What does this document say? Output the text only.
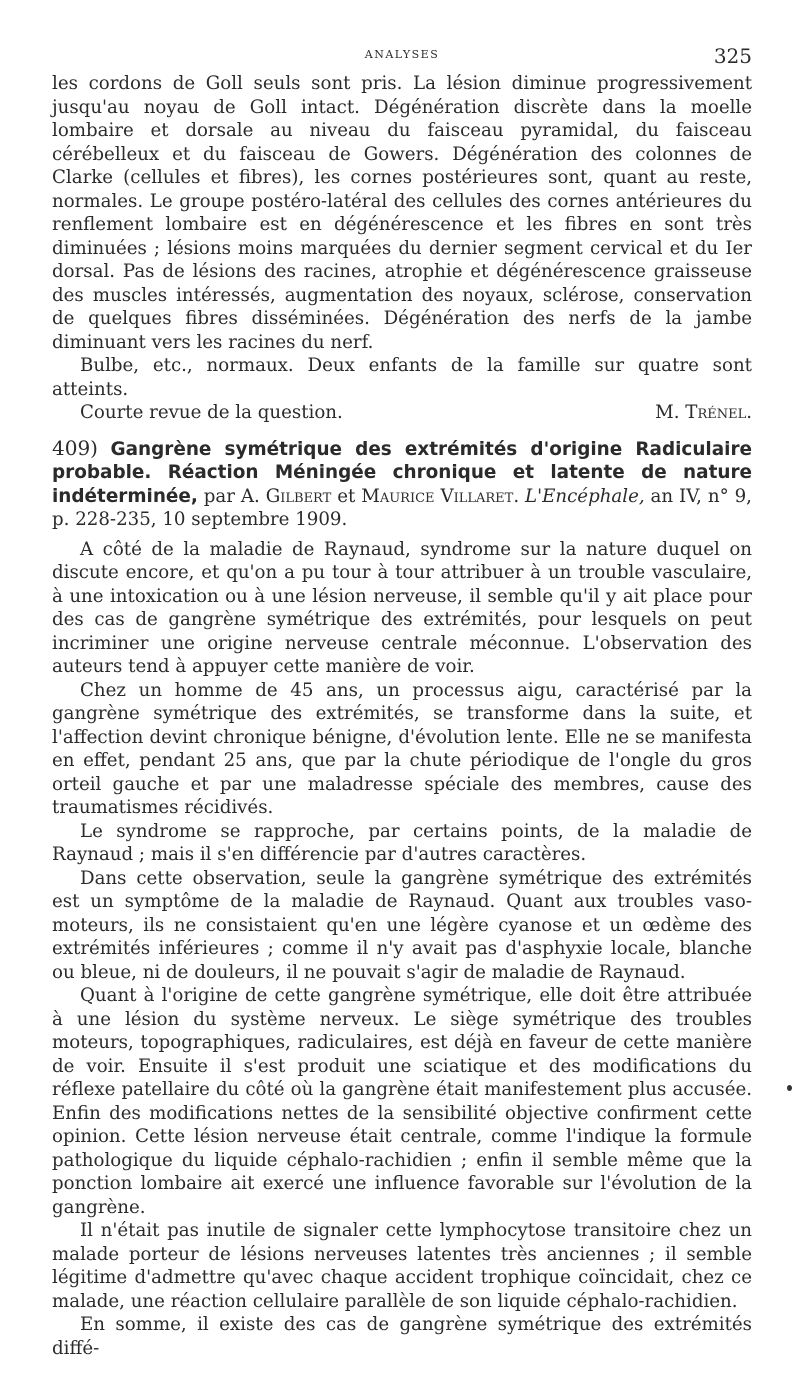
ANALYSES	325

les cordons de Goll seuls sont pris. La lésion diminue progressivement jusqu'au noyau de Goll intact. Dégénération discrète dans la moelle lombaire et dorsale au niveau du faisceau pyramidal, du faisceau cérébelleux et du faisceau de Gowers. Dégénération des colonnes de Clarke (cellules et fibres), les cornes postérieures sont, quant au reste, normales. Le groupe postéro-latéral des cellules des cornes antérieures du renflement lombaire est en dégénérescence et les fibres en sont très diminuées ; lésions moins marquées du dernier segment cervical et du Ier dorsal. Pas de lésions des racines, atrophie et dégénérescence graisseuse des muscles intéressés, augmentation des noyaux, sclérose, conservation de quelques fibres disséminées. Dégénération des nerfs de la jambe diminuant vers les racines du nerf.

Bulbe, etc., normaux. Deux enfants de la famille sur quatre sont atteints.

Courte revue de la question.	M. Trénel.

409) Gangrène symétrique des extrémités d'origine Radiculaire probable. Réaction Méningée chronique et latente de nature indéterminée, par A. Gilbert et Maurice Villaret. L'Encéphale, an IV, n° 9, p. 228-235, 10 septembre 1909.

A côté de la maladie de Raynaud, syndrome sur la nature duquel on discute encore, et qu'on a pu tour à tour attribuer à un trouble vasculaire, à une intoxication ou à une lésion nerveuse, il semble qu'il y ait place pour des cas de gangrène symétrique des extrémités, pour lesquels on peut incriminer une origine nerveuse centrale méconnue. L'observation des auteurs tend à appuyer cette manière de voir.

Chez un homme de 45 ans, un processus aigu, caractérisé par la gangrène symétrique des extrémités, se transforme dans la suite, et l'affection devint chronique bénigne, d'évolution lente. Elle ne se manifesta en effet, pendant 25 ans, que par la chute périodique de l'ongle du gros orteil gauche et par une maladresse spéciale des membres, cause des traumatismes récidivés.

Le syndrome se rapproche, par certains points, de la maladie de Raynaud ; mais il s'en différencie par d'autres caractères.

Dans cette observation, seule la gangrène symétrique des extrémités est un symptôme de la maladie de Raynaud. Quant aux troubles vaso-moteurs, ils ne consistaient qu'en une légère cyanose et un œdème des extrémités inférieures ; comme il n'y avait pas d'asphyxie locale, blanche ou bleue, ni de douleurs, il ne pouvait s'agir de maladie de Raynaud.

Quant à l'origine de cette gangrène symétrique, elle doit être attribuée à une lésion du système nerveux. Le siège symétrique des troubles moteurs, topographiques, radiculaires, est déjà en faveur de cette manière de voir. Ensuite il s'est produit une sciatique et des modifications du réflexe patellaire du côté où la gangrène était manifestement plus accusée. Enfin des modifications nettes de la sensibilité objective confirment cette opinion. Cette lésion nerveuse était centrale, comme l'indique la formule pathologique du liquide céphalo-rachidien ; enfin il semble même que la ponction lombaire ait exercé une influence favorable sur l'évolution de la gangrène.

Il n'était pas inutile de signaler cette lymphocytose transitoire chez un malade porteur de lésions nerveuses latentes très anciennes ; il semble légitime d'admettre qu'avec chaque accident trophique coïncidait, chez ce malade, une réaction cellulaire parallèle de son liquide céphalo-rachidien.

En somme, il existe des cas de gangrène symétrique des extrémités diffé-
